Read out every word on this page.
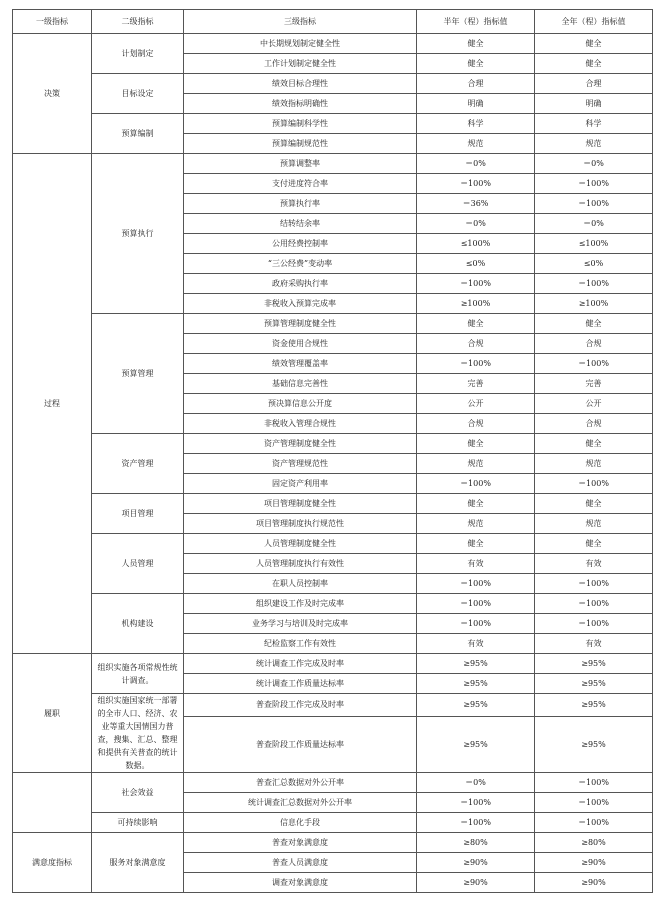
一级指标	二级指标	三级指标	半年（程）指标值	全年（程）指标值
决策	计划制定	中长期规划制定健全性	健全	健全
		工作计划制定健全性	健全	健全
	目标设定	绩效目标合理性	合理	合理
		绩效指标明确性	明确	明确
	预算编制	预算编制科学性	科学	科学
		预算编制规范性	规范	规范
过程	预算执行	预算调整率	＝0%	＝0%
		支付进度符合率	＝100%	＝100%
		预算执行率	＝36%	＝100%
		结转结余率	＝0%	＝0%
		公用经费控制率	≤100%	≤100%
		“三公经费”变动率	≤0%	≤0%
		政府采购执行率	＝100%	＝100%
		非税收入预算完成率	≥100%	≥100%
	预算管理	预算管理制度健全性	健全	健全
		资金使用合规性	合规	合规
		绩效管理覆盖率	＝100%	＝100%
		基础信息完善性	完善	完善
		预决算信息公开度	公开	公开
		非税收入管理合规性	合规	合规
	资产管理	资产管理制度健全性	健全	健全
		资产管理规范性	规范	规范
		固定资产利用率	＝100%	＝100%
	项目管理	项目管理制度健全性	健全	健全
		项目管理制度执行规范性	规范	规范
	人员管理	人员管理制度健全性	健全	健全
		人员管理制度执行有效性	有效	有效
		在职人员控制率	＝100%	＝100%
	机构建设	组织建设工作及时完成率	＝100%	＝100%
		业务学习与培训及时完成率	＝100%	＝100%
		纪检监察工作有效性	有效	有效
履职	组织实施各项常规性统计调查。	统计调查工作完成及时率	≥95%	≥95%
		统计调查工作质量达标率	≥95%	≥95%
	组织实施国家统一部署的全市人口、经济、农业等重大国情国力普查，搜集、汇总、整理和提供有关普查的统计数据。	普查阶段工作完成及时率	≥95%	≥95%
		普查阶段工作质量达标率	≥95%	≥95%
	社会效益	普查汇总数据对外公开率	＝0%	＝100%
		统计调查汇总数据对外公开率	＝100%	＝100%
	可持续影响	信息化手段	＝100%	＝100%
满意度指标	服务对象满意度	普查对象满意度	≥80%	≥80%
		普查人员满意度	≥90%	≥90%
		调查对象满意度	≥90%	≥90%
